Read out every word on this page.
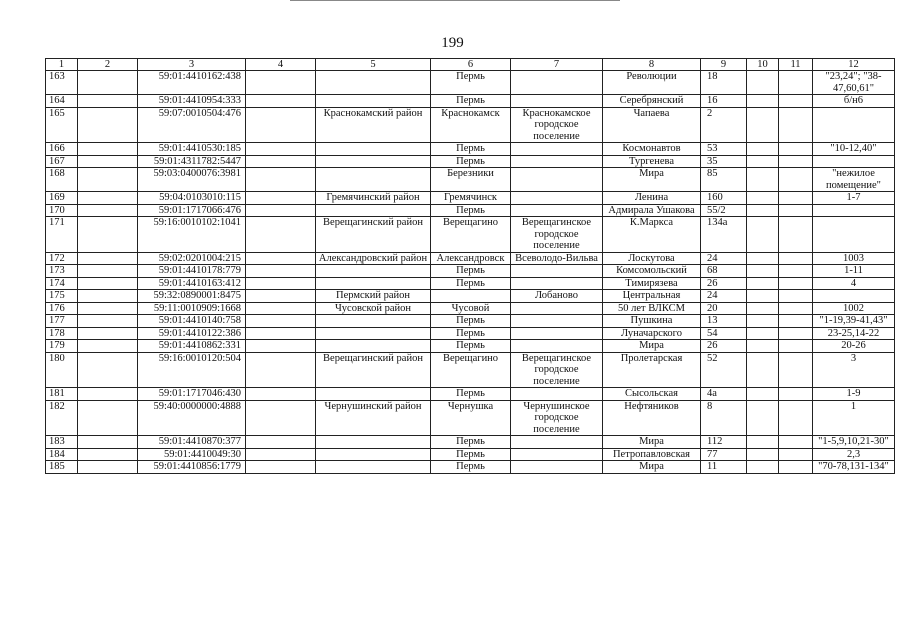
199
1	2	3	4	5	6	7	8	9	10	11	12
163		59:01:4410162:438			Пермь		Революции	18			"23,24"; "38-47,60,61"
164		59:01:4410954:333			Пермь		Серебрянский	16			б/н6
165		59:07:0010504:476		Краснокамский район	Краснокамск	Краснокамское городское поселение	Чапаева	2			
166		59:01:4410530:185			Пермь		Космонавтов	53			"10-12,40"
167		59:01:4311782:5447			Пермь		Тургенева	35			
168		59:03:0400076:3981			Березники		Мира	85			"нежилое помещение"
169		59:04:0103010:115		Гремячинский район	Гремячинск		Ленина	160			1-7
170		59:01:1717066:476			Пермь		Адмирала Ушакова	55/2			
171		59:16:0010102:1041		Верещагинский район	Верещагино	Верещагинское городское поселение	К.Маркса	134а			
172		59:02:0201004:215		Александровский район	Александровск	Всеволодо-Вильва	Лоскутова	24			1003
173		59:01:4410178:779			Пермь		Комсомольский	68			1-11
174		59:01:4410163:412			Пермь		Тимирязева	26			4
175		59:32:0890001:8475		Пермский район		Лобаново	Центральная	24			
176		59:11:0010909:1668		Чусовской район	Чусовой		50 лет ВЛКСМ	20			1002
177		59:01:4410140:758			Пермь		Пушкина	13			"1-19,39-41,43"
178		59:01:4410122:386			Пермь		Луначарского	54			23-25,14-22
179		59:01:4410862:331			Пермь		Мира	26			20-26
180		59:16:0010120:504		Верещагинский район	Верещагино	Верещагинское городское поселение	Пролетарская	52			3
181		59:01:1717046:430			Пермь		Сысольская	4а			1-9
182		59:40:0000000:4888		Чернушинский район	Чернушка	Чернушинское городское поселение	Нефтяников	8			1
183		59:01:4410870:377			Пермь		Мира	112			"1-5,9,10,21-30"
184		59:01:4410049:30			Пермь		Петропавловская	77			2,3
185		59:01:4410856:1779			Пермь		Мира	11			"70-78,131-134"
